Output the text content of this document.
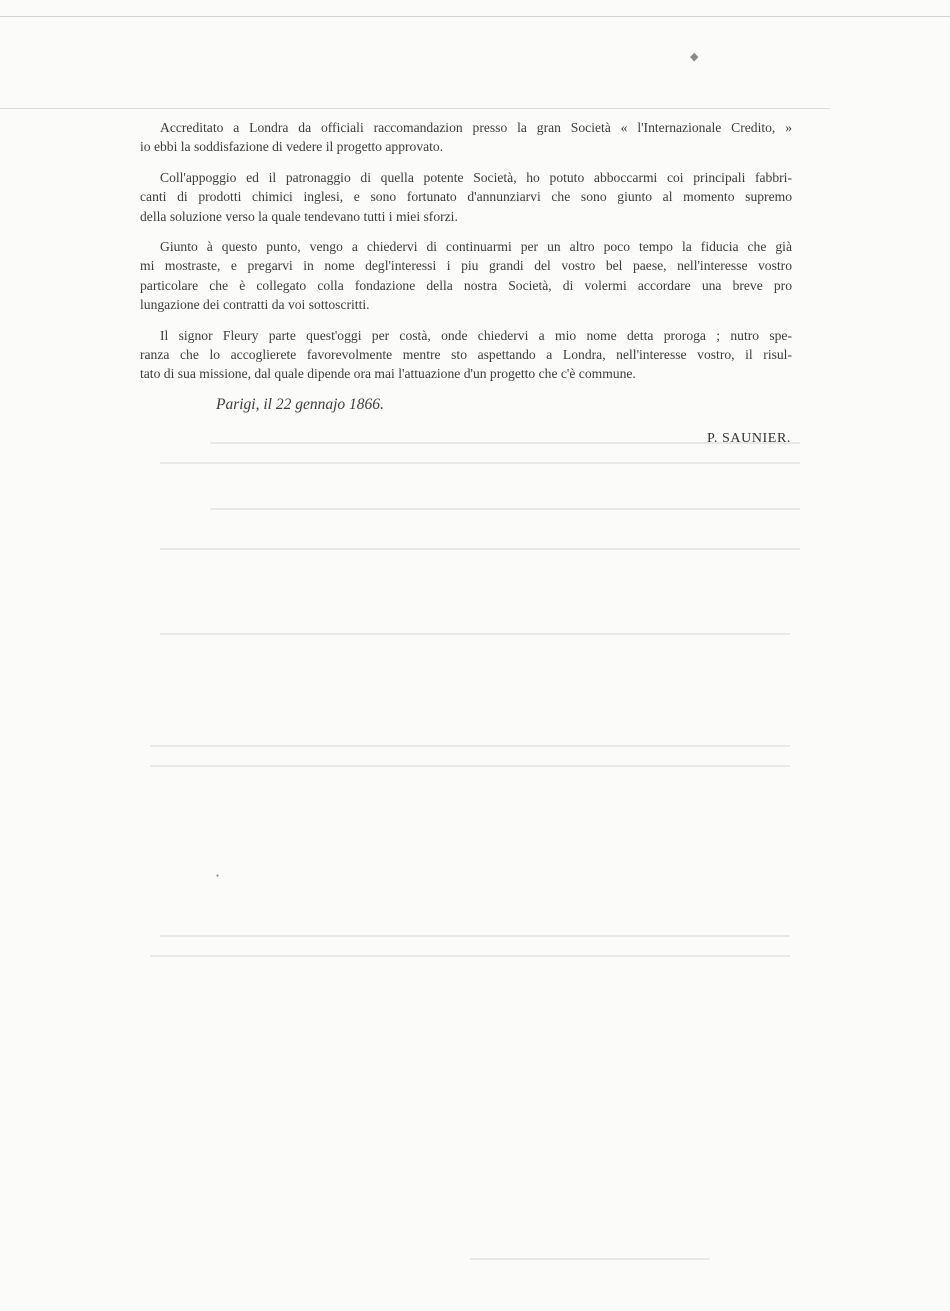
◆
●

Accreditato a Londra da officiali raccomandazion presso la gran Società « l'Internazionale Credito, »
io ebbi la soddisfazione di vedere il progetto approvato.

Coll'appoggio ed il patronaggio di quella potente Società, ho potuto abboccarmi coi principali fabbri-
canti di prodotti chimici inglesi, e sono fortunato d'annunziarvi che sono giunto al momento supremo
della soluzione verso la quale tendevano tutti i miei sforzi.

Giunto à questo punto, vengo a chiedervi di continuarmi per un altro poco tempo la fiducia che già
mi mostraste, e pregarvi in nome degl'interessi i piu grandi del vostro bel paese, nell'interesse vostro
particolare che è collegato colla fondazione della nostra Società, di volermi accordare una breve pro
lungazione dei contratti da voi sottoscritti.

Il signor Fleury parte quest'oggi per costà, onde chiedervi a mio nome detta proroga ; nutro spe-
ranza che lo accoglierete favorevolmente mentre sto aspettando a Londra, nell'interesse vostro, il risul-
tato di sua missione, dal quale dipende ora mai l'attuazione d'un progetto che c'è commune.

Parigi, il 22 gennajo 1866.
P. SAUNIER.
